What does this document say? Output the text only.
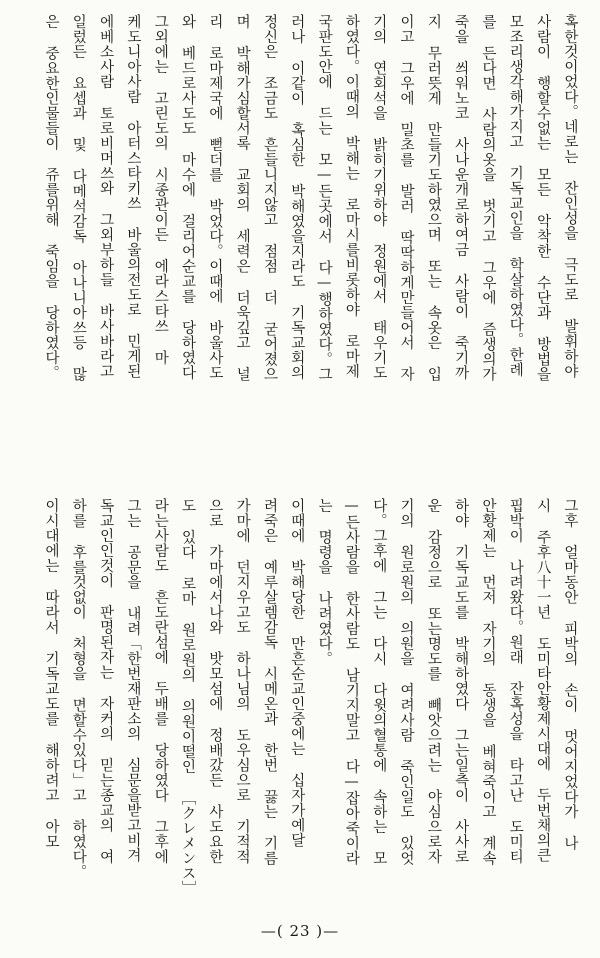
혹한것이었다。네로는 잔인성을 극도로 발휘하야
사람이 행할수없는 모든 악착한 수단과 방법을
모조리생각해가지고 기독교인을 학살하였다。한례
를 든다면 사람의옷을 벗기고 그우에 즘생의가
죽을 씌워노코 사나운개로하여금 사람이 죽기까
지 무러뜻게 만들기도하였으며 또는 속옷은 입
이고 그우에 밀초를 발러 딱딱하게만들어서 자
기의 연회석을 밝히기위하야 정원에서 태우기도
하였다。이때의 박해는 로마시를비롯하야 로마제
국판도안에 드는 모—든곳에서 다—행하였다。그
러나 이같이 혹심한 박해였을지라도 기독교회의
정신은 조금도 흔들니지않고 점점 더 굳어졌으
며 박해가심할서록 교회의 세력은 더욱깊고 널
리 로마제국에 뻗더를 박었다。이때에 바울사도
와 베드로사도도 마수에 걸리어순교를 당하였다
그외에는 고린도의 시종관이든 에라스타쓰 마
케도니아사람 아터스타키쓰 바울의전도로 민게된
에베소사람 토로비머쓰와 그외부하들 바사바라고
일렀든 요셉과 및 다메석감독 아나니아쓰등 많
은 중요한인물들이 쥬를위해 죽임을 당하였다。
그후 얼마동안 피박의 손이 멋어지었다가 나
시 주후八十一년 도미타안황제시대에 두번채의큰
핍박이 나려왔다。원래 잔혹성을 타고난 도미티
안황제는 먼저 자기의 동생을 베혀죽이고 계속
하야 기독교도를 박해하였다 그는일측이 사사로
운 감정으로 또는명도를 빼앗으려는 야심으로자
기의 원로원의 의원을 여려사람 죽인일도 있엇
다。그후에 그는 다시 다윗의혈통에 속하는 모
—든사람을 한사람도 남기지말고 다—잡아죽이라
는 명령을 나려였다。
이때에 박해당한 만흔순교인중에는 십자가예달
려죽은 예루살렘감독 시메온과 한번 끓는 기름
가마에 던지우고도 하나님의 도우심으로 기적적
으로 가마에서나와 밧모섬에 정배갔든 사도요한
도 있다 로마 원로원의 의원이떨인 ［クレメンス］
라는사람도 흔도란섬에 두배를 당하였다 그후에
그는 공문을 내려「한번재판소의 심문을받고비겨
독교인인것이 판명된자는 자커의 믿는종교의 여
하를 후를것없이 처형을 면할수있다」고 하였다。
이시대에는 따라서 기독교도를 해하려고 아모
—( 23 )—
